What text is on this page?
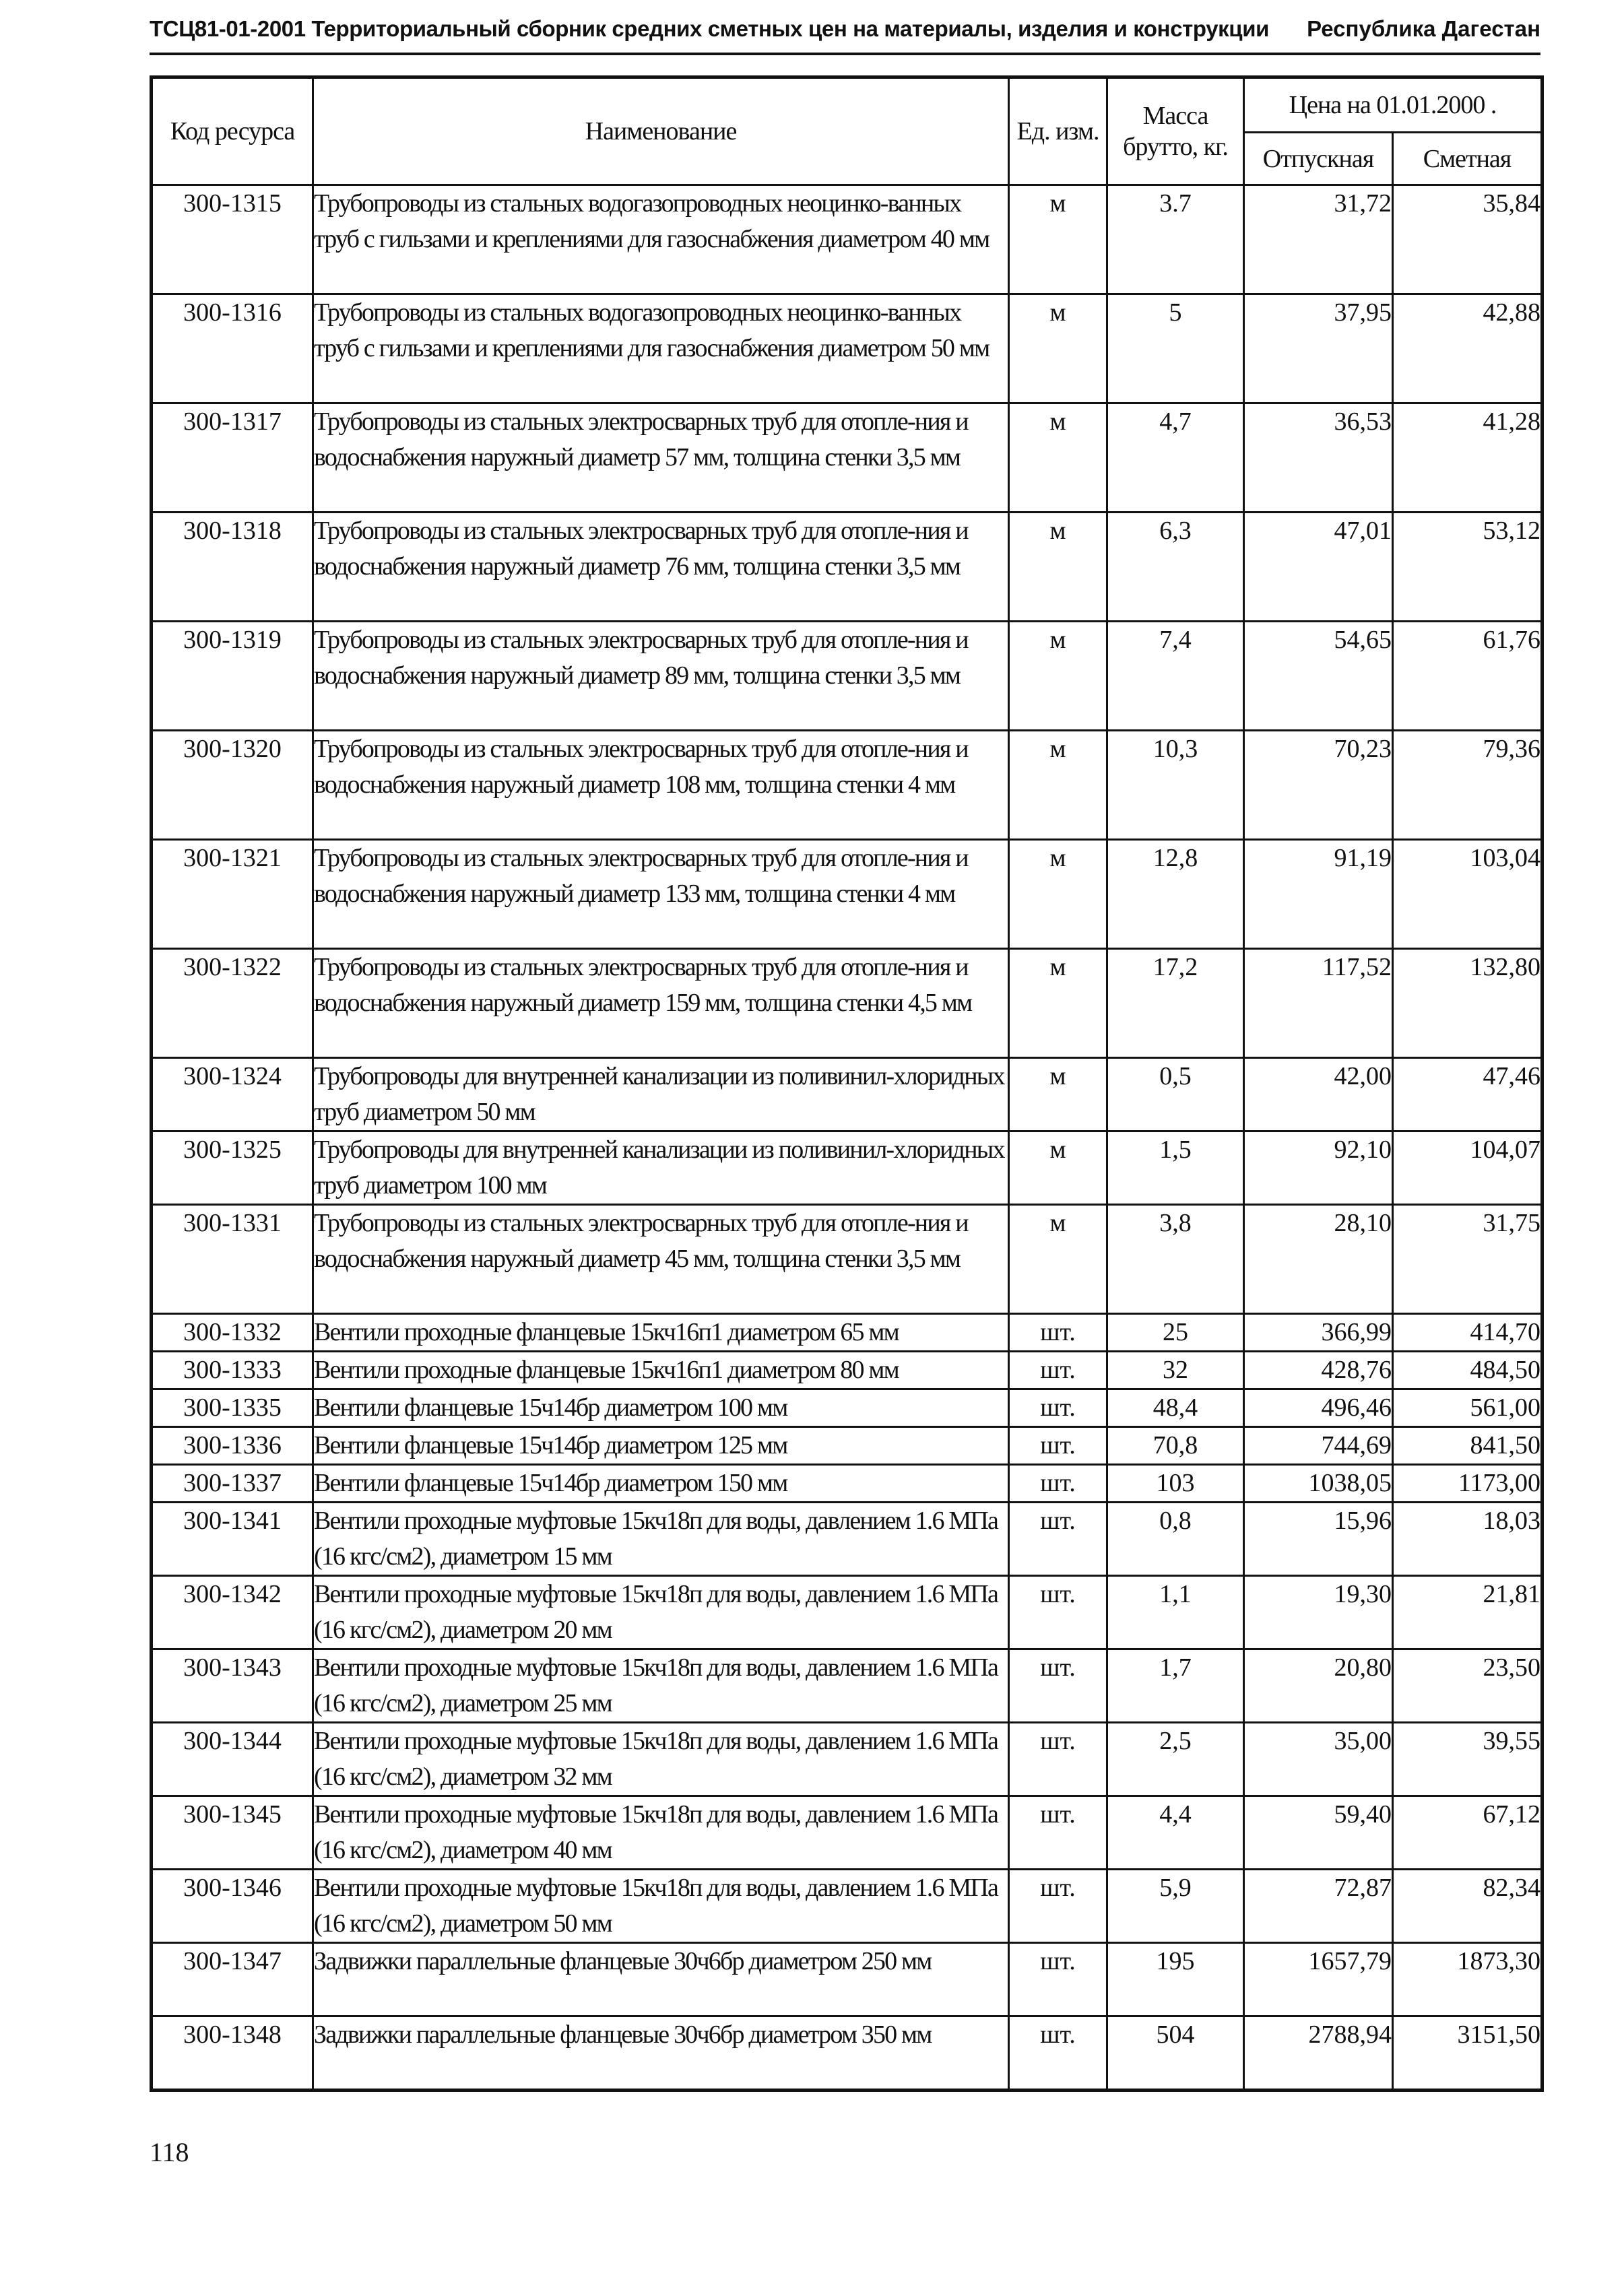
ТСЦ81-01-2001 Территориальный сборник средних сметных цен на материалы, изделия и конструкции Республика Дагестан
Код ресурса	Наименование	Ед. изм.	Масса брутто, кг.	Цена на 01.01.2000 .	
				Отпускная	Сметная
300-1315	Трубопроводы из стальных водогазопроводных неоцинко-ванных труб с гильзами и креплениями для газоснабжения диаметром 40 мм	м	3.7	31,72	35,84
300-1316	Трубопроводы из стальных водогазопроводных неоцинко-ванных труб с гильзами и креплениями для газоснабжения диаметром 50 мм	м	5	37,95	42,88
300-1317	Трубопроводы из стальных электросварных труб для отопле-ния и водоснабжения наружный диаметр 57 мм, толщина стенки 3,5 мм	м	4,7	36,53	41,28
300-1318	Трубопроводы из стальных электросварных труб для отопле-ния и водоснабжения наружный диаметр 76 мм, толщина стенки 3,5 мм	м	6,3	47,01	53,12
300-1319	Трубопроводы из стальных электросварных труб для отопле-ния и водоснабжения наружный диаметр 89 мм, толщина стенки 3,5 мм	м	7,4	54,65	61,76
300-1320	Трубопроводы из стальных электросварных труб для отопле-ния и водоснабжения наружный диаметр 108 мм, толщина стенки 4 мм	м	10,3	70,23	79,36
300-1321	Трубопроводы из стальных электросварных труб для отопле-ния и водоснабжения наружный диаметр 133 мм, толщина стенки 4 мм	м	12,8	91,19	103,04
300-1322	Трубопроводы из стальных электросварных труб для отопле-ния и водоснабжения наружный диаметр 159 мм, толщина стенки 4,5 мм	м	17,2	117,52	132,80
300-1324	Трубопроводы для внутренней канализации из поливинил-хлоридных труб диаметром 50 мм	м	0,5	42,00	47,46
300-1325	Трубопроводы для внутренней канализации из поливинил-хлоридных труб диаметром 100 мм	м	1,5	92,10	104,07
300-1331	Трубопроводы из стальных электросварных труб для отопле-ния и водоснабжения наружный диаметр 45 мм, толщина стенки 3,5 мм	м	3,8	28,10	31,75
300-1332	Вентили проходные фланцевые 15кч16п1 диаметром 65 мм	шт.	25	366,99	414,70
300-1333	Вентили проходные фланцевые 15кч16п1 диаметром 80 мм	шт.	32	428,76	484,50
300-1335	Вентили фланцевые 15ч14бр диаметром 100 мм	шт.	48,4	496,46	561,00
300-1336	Вентили фланцевые 15ч14бр диаметром 125 мм	шт.	70,8	744,69	841,50
300-1337	Вентили фланцевые 15ч14бр диаметром 150 мм	шт.	103	1038,05	1173,00
300-1341	Вентили проходные муфтовые 15кч18п для воды, давлением 1.6 МПа (16 кгс/см2), диаметром 15 мм	шт.	0,8	15,96	18,03
300-1342	Вентили проходные муфтовые 15кч18п для воды, давлением 1.6 МПа (16 кгс/см2), диаметром 20 мм	шт.	1,1	19,30	21,81
300-1343	Вентили проходные муфтовые 15кч18п для воды, давлением 1.6 МПа (16 кгс/см2), диаметром 25 мм	шт.	1,7	20,80	23,50
300-1344	Вентили проходные муфтовые 15кч18п для воды, давлением 1.6 МПа (16 кгс/см2), диаметром 32 мм	шт.	2,5	35,00	39,55
300-1345	Вентили проходные муфтовые 15кч18п для воды, давлением 1.6 МПа (16 кгс/см2), диаметром 40 мм	шт.	4,4	59,40	67,12
300-1346	Вентили проходные муфтовые 15кч18п для воды, давлением 1.6 МПа (16 кгс/см2), диаметром 50 мм	шт.	5,9	72,87	82,34
300-1347	Задвижки параллельные фланцевые 30ч6бр диаметром 250 мм	шт.	195	1657,79	1873,30
300-1348	Задвижки параллельные фланцевые 30ч6бр диаметром 350 мм	шт.	504	2788,94	3151,50
118
